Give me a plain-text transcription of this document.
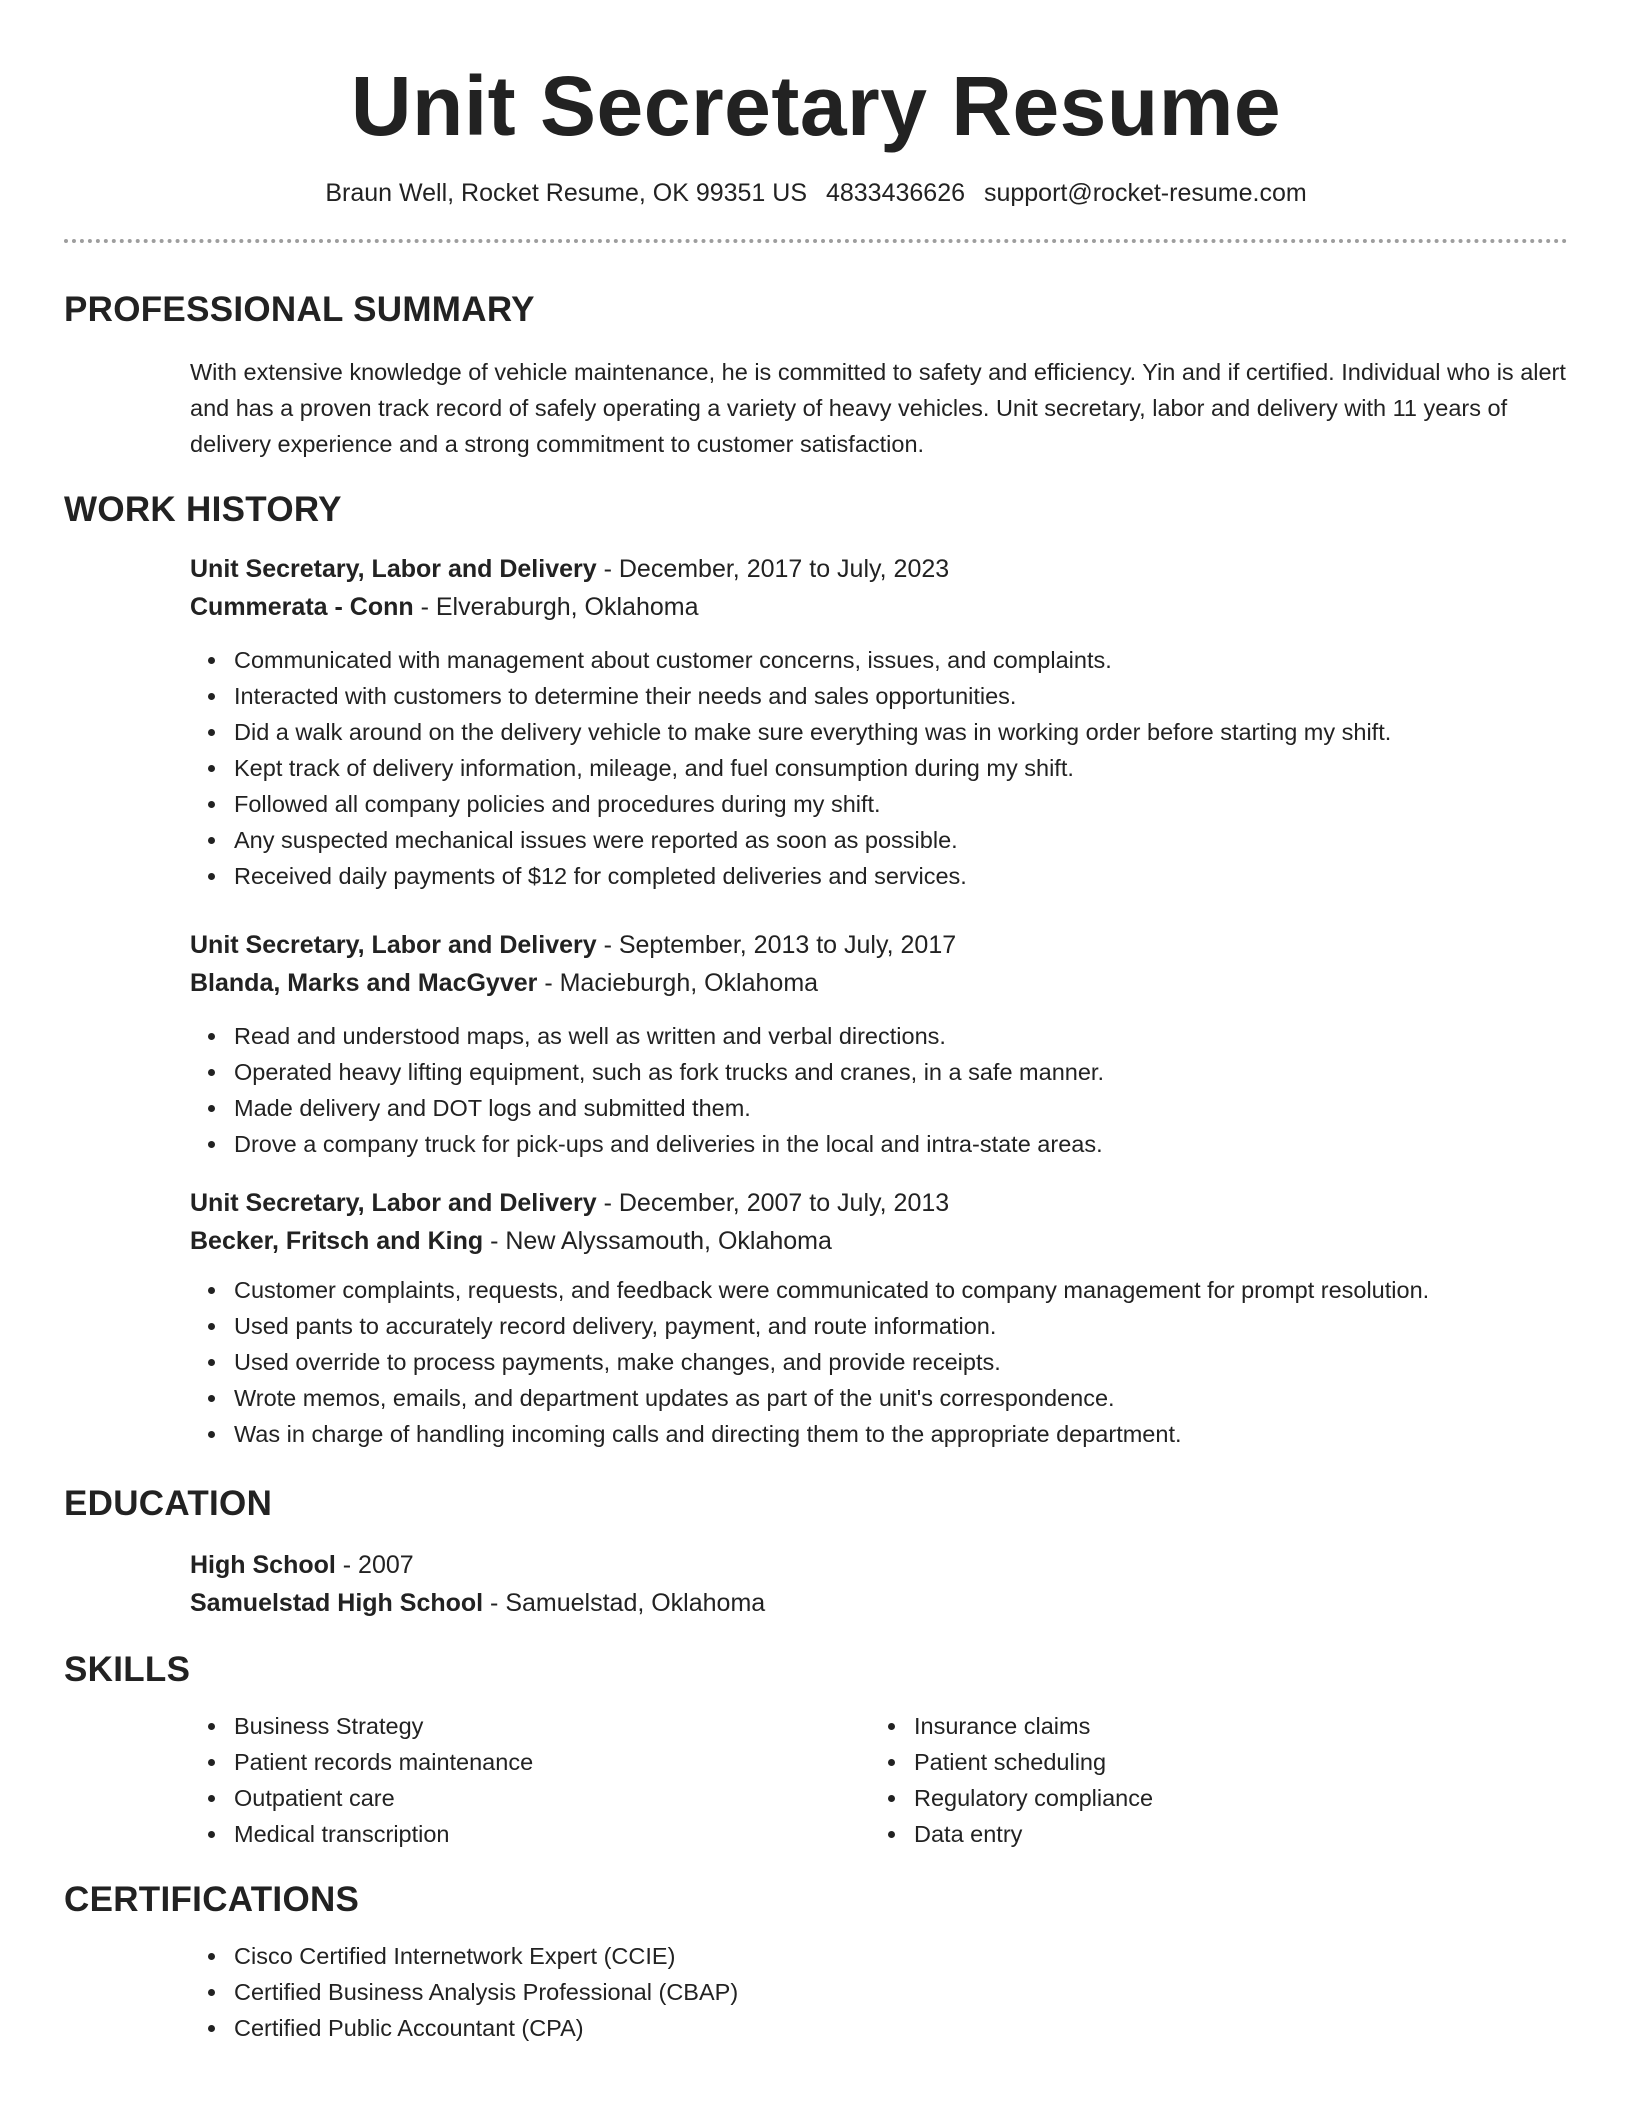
Unit Secretary Resume
Braun Well, Rocket Resume, OK 99351 US 4833436626 support@rocket-resume.com
PROFESSIONAL SUMMARY

With extensive knowledge of vehicle maintenance, he is committed to safety and efficiency. Yin and if certified. Individual who is alert and has a proven track record of safely operating a variety of heavy vehicles. Unit secretary, labor and delivery with 11 years of delivery experience and a strong commitment to customer satisfaction.

WORK HISTORY
Unit Secretary, Labor and Delivery - December, 2017 to July, 2023
Cummerata - Conn - Elveraburgh, Oklahoma
Communicated with management about customer concerns, issues, and complaints.
Interacted with customers to determine their needs and sales opportunities.
Did a walk around on the delivery vehicle to make sure everything was in working order before starting my shift.
Kept track of delivery information, mileage, and fuel consumption during my shift.
Followed all company policies and procedures during my shift.
Any suspected mechanical issues were reported as soon as possible.
Received daily payments of $12 for completed deliveries and services.
Unit Secretary, Labor and Delivery - September, 2013 to July, 2017
Blanda, Marks and MacGyver - Macieburgh, Oklahoma
Read and understood maps, as well as written and verbal directions.
Operated heavy lifting equipment, such as fork trucks and cranes, in a safe manner.
Made delivery and DOT logs and submitted them.
Drove a company truck for pick-ups and deliveries in the local and intra-state areas.
Unit Secretary, Labor and Delivery - December, 2007 to July, 2013
Becker, Fritsch and King - New Alyssamouth, Oklahoma
Customer complaints, requests, and feedback were communicated to company management for prompt resolution.
Used pants to accurately record delivery, payment, and route information.
Used override to process payments, make changes, and provide receipts.
Wrote memos, emails, and department updates as part of the unit's correspondence.
Was in charge of handling incoming calls and directing them to the appropriate department.
EDUCATION
High School - 2007
Samuelstad High School - Samuelstad, Oklahoma
SKILLS
Business Strategy
Patient records maintenance
Outpatient care
Medical transcription
Insurance claims
Patient scheduling
Regulatory compliance
Data entry
CERTIFICATIONS
Cisco Certified Internetwork Expert (CCIE)
Certified Business Analysis Professional (CBAP)
Certified Public Accountant (CPA)
